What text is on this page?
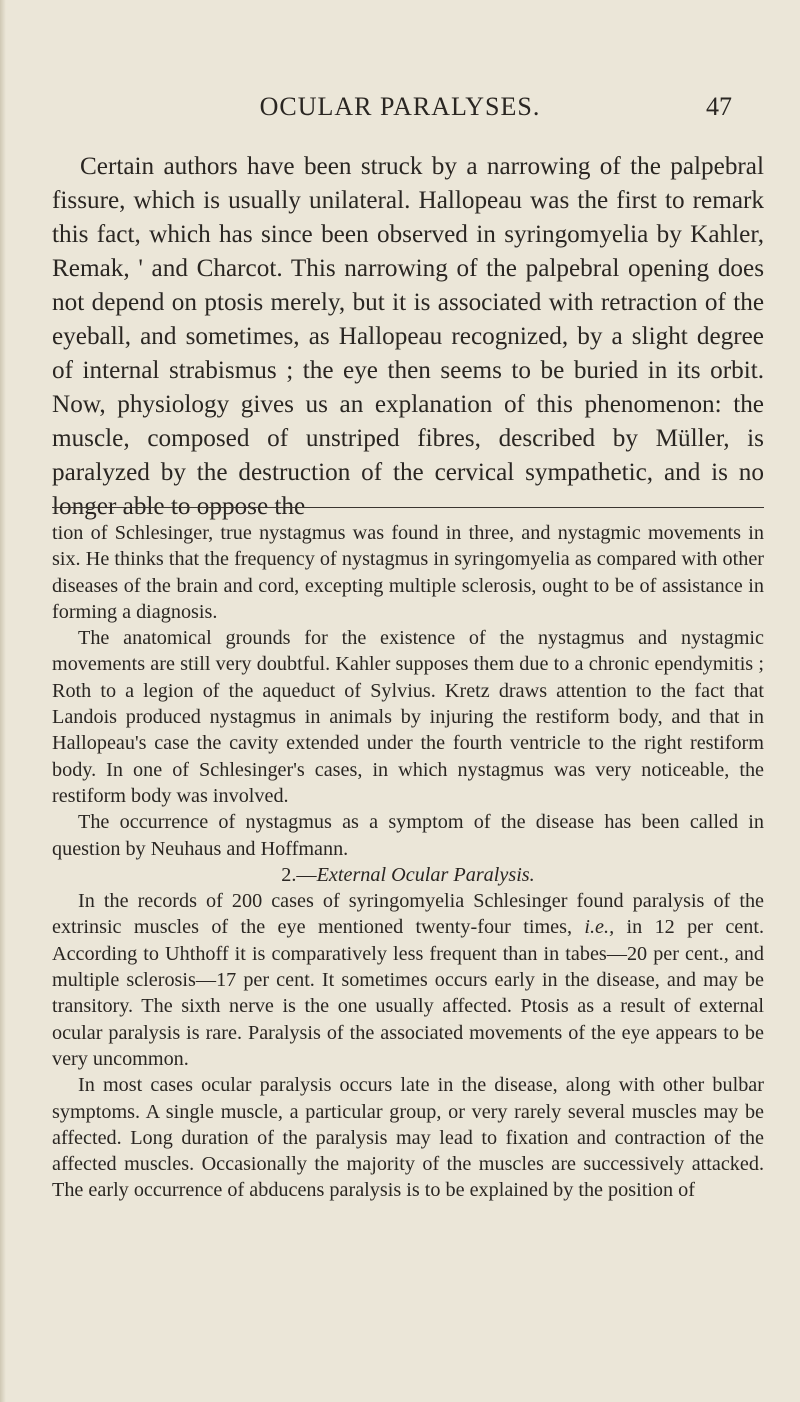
OCULAR PARALYSES.	47

Certain authors have been struck by a narrowing of the palpebral fissure, which is usually unilateral. Hallopeau was the first to remark this fact, which has since been observed in syringomyelia by Kahler, Remak, ' and Charcot. This narrowing of the palpebral opening does not depend on ptosis merely, but it is associated with retraction of the eyeball, and sometimes, as Hallopeau recognized, by a slight degree of internal strabismus ; the eye then seems to be buried in its orbit. Now, physiology gives us an explanation of this phenomenon: the muscle, composed of unstriped fibres, described by Müller, is paralyzed by the destruction of the cervical sympathetic, and is no longer able to oppose the

tion of Schlesinger, true nystagmus was found in three, and nystagmic movements in six. He thinks that the frequency of nystagmus in syringomyelia as compared with other diseases of the brain and cord, excepting multiple sclerosis, ought to be of assistance in forming a diagnosis.

The anatomical grounds for the existence of the nystagmus and nystagmic movements are still very doubtful. Kahler supposes them due to a chronic ependymitis ; Roth to a legion of the aqueduct of Sylvius. Kretz draws attention to the fact that Landois produced nystagmus in animals by injuring the restiform body, and that in Hallopeau's case the cavity extended under the fourth ventricle to the right restiform body. In one of Schlesinger's cases, in which nystagmus was very noticeable, the restiform body was involved.

The occurrence of nystagmus as a symptom of the disease has been called in question by Neuhaus and Hoffmann.

2.—External Ocular Paralysis.

In the records of 200 cases of syringomyelia Schlesinger found paralysis of the extrinsic muscles of the eye mentioned twenty-four times, i.e., in 12 per cent. According to Uhthoff it is comparatively less frequent than in tabes—20 per cent., and multiple sclerosis—17 per cent. It sometimes occurs early in the disease, and may be transitory. The sixth nerve is the one usually affected. Ptosis as a result of external ocular paralysis is rare. Paralysis of the associated movements of the eye appears to be very uncommon.

In most cases ocular paralysis occurs late in the disease, along with other bulbar symptoms. A single muscle, a particular group, or very rarely several muscles may be affected. Long duration of the paralysis may lead to fixation and contraction of the affected muscles. Occasionally the majority of the muscles are successively attacked. The early occurrence of abducens paralysis is to be explained by the position of
